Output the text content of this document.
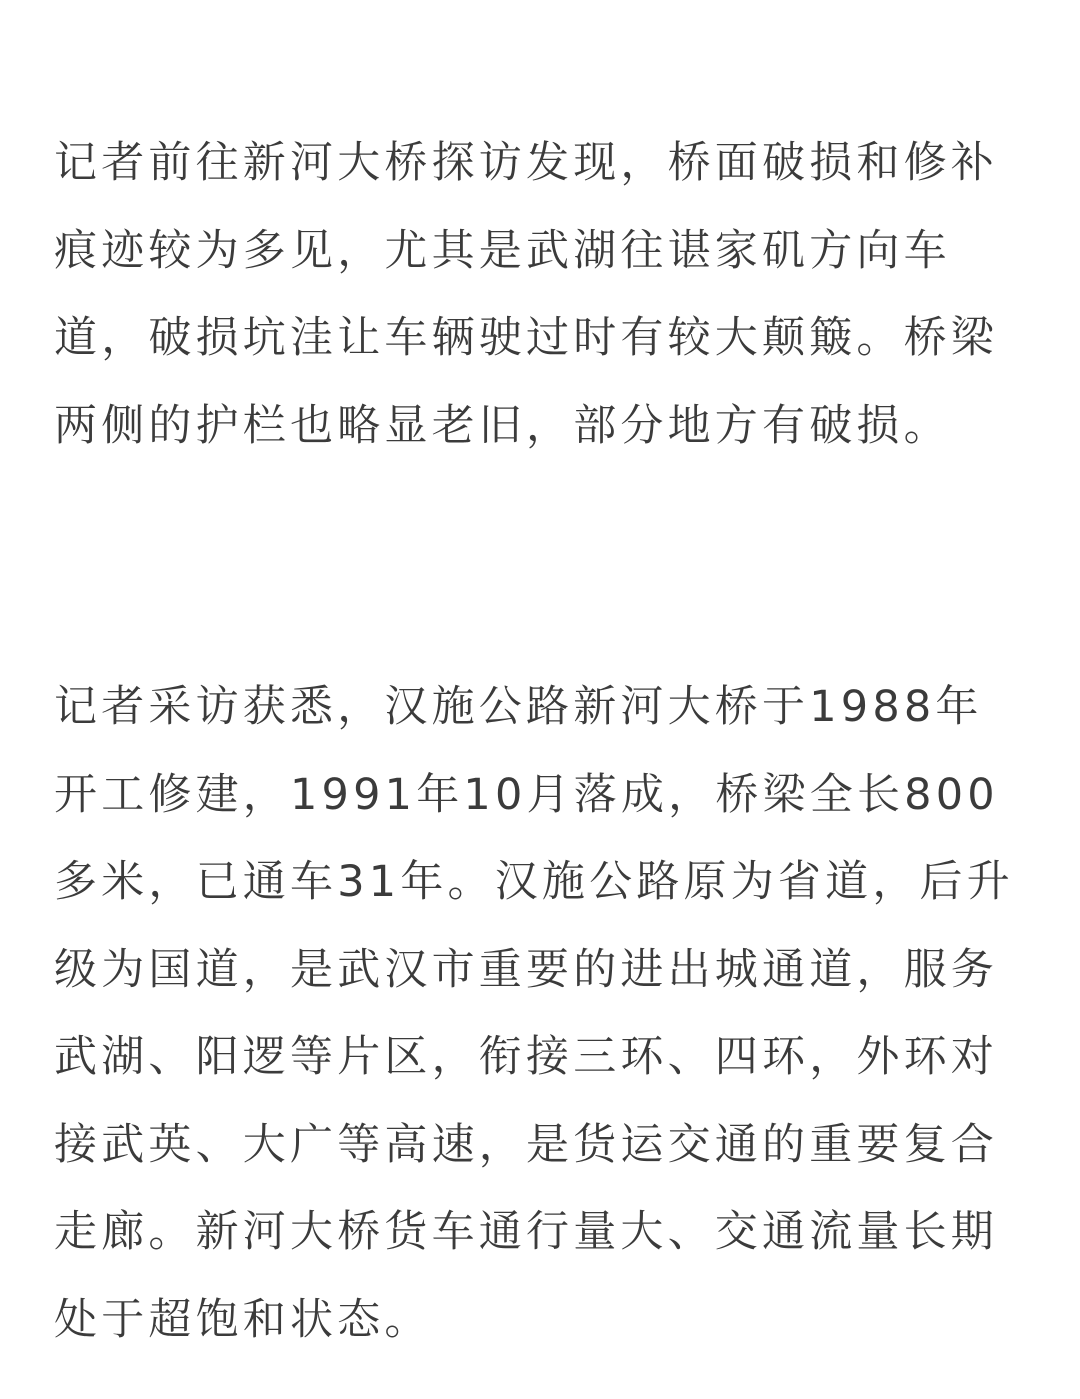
记者前往新河大桥探访发现，桥面破损和修补痕迹较为多见，尤其是武湖往谌家矶方向车道，破损坑洼让车辆驶过时有较大颠簸。桥梁两侧的护栏也略显老旧，部分地方有破损。

记者采访获悉，汉施公路新河大桥于1988年开工修建，1991年10月落成，桥梁全长800多米，已通车31年。汉施公路原为省道，后升级为国道，是武汉市重要的进出城通道，服务武湖、阳逻等片区，衔接三环、四环，外环对接武英、大广等高速，是货运交通的重要复合走廊。新河大桥货车通行量大、交通流量长期处于超饱和状态。
